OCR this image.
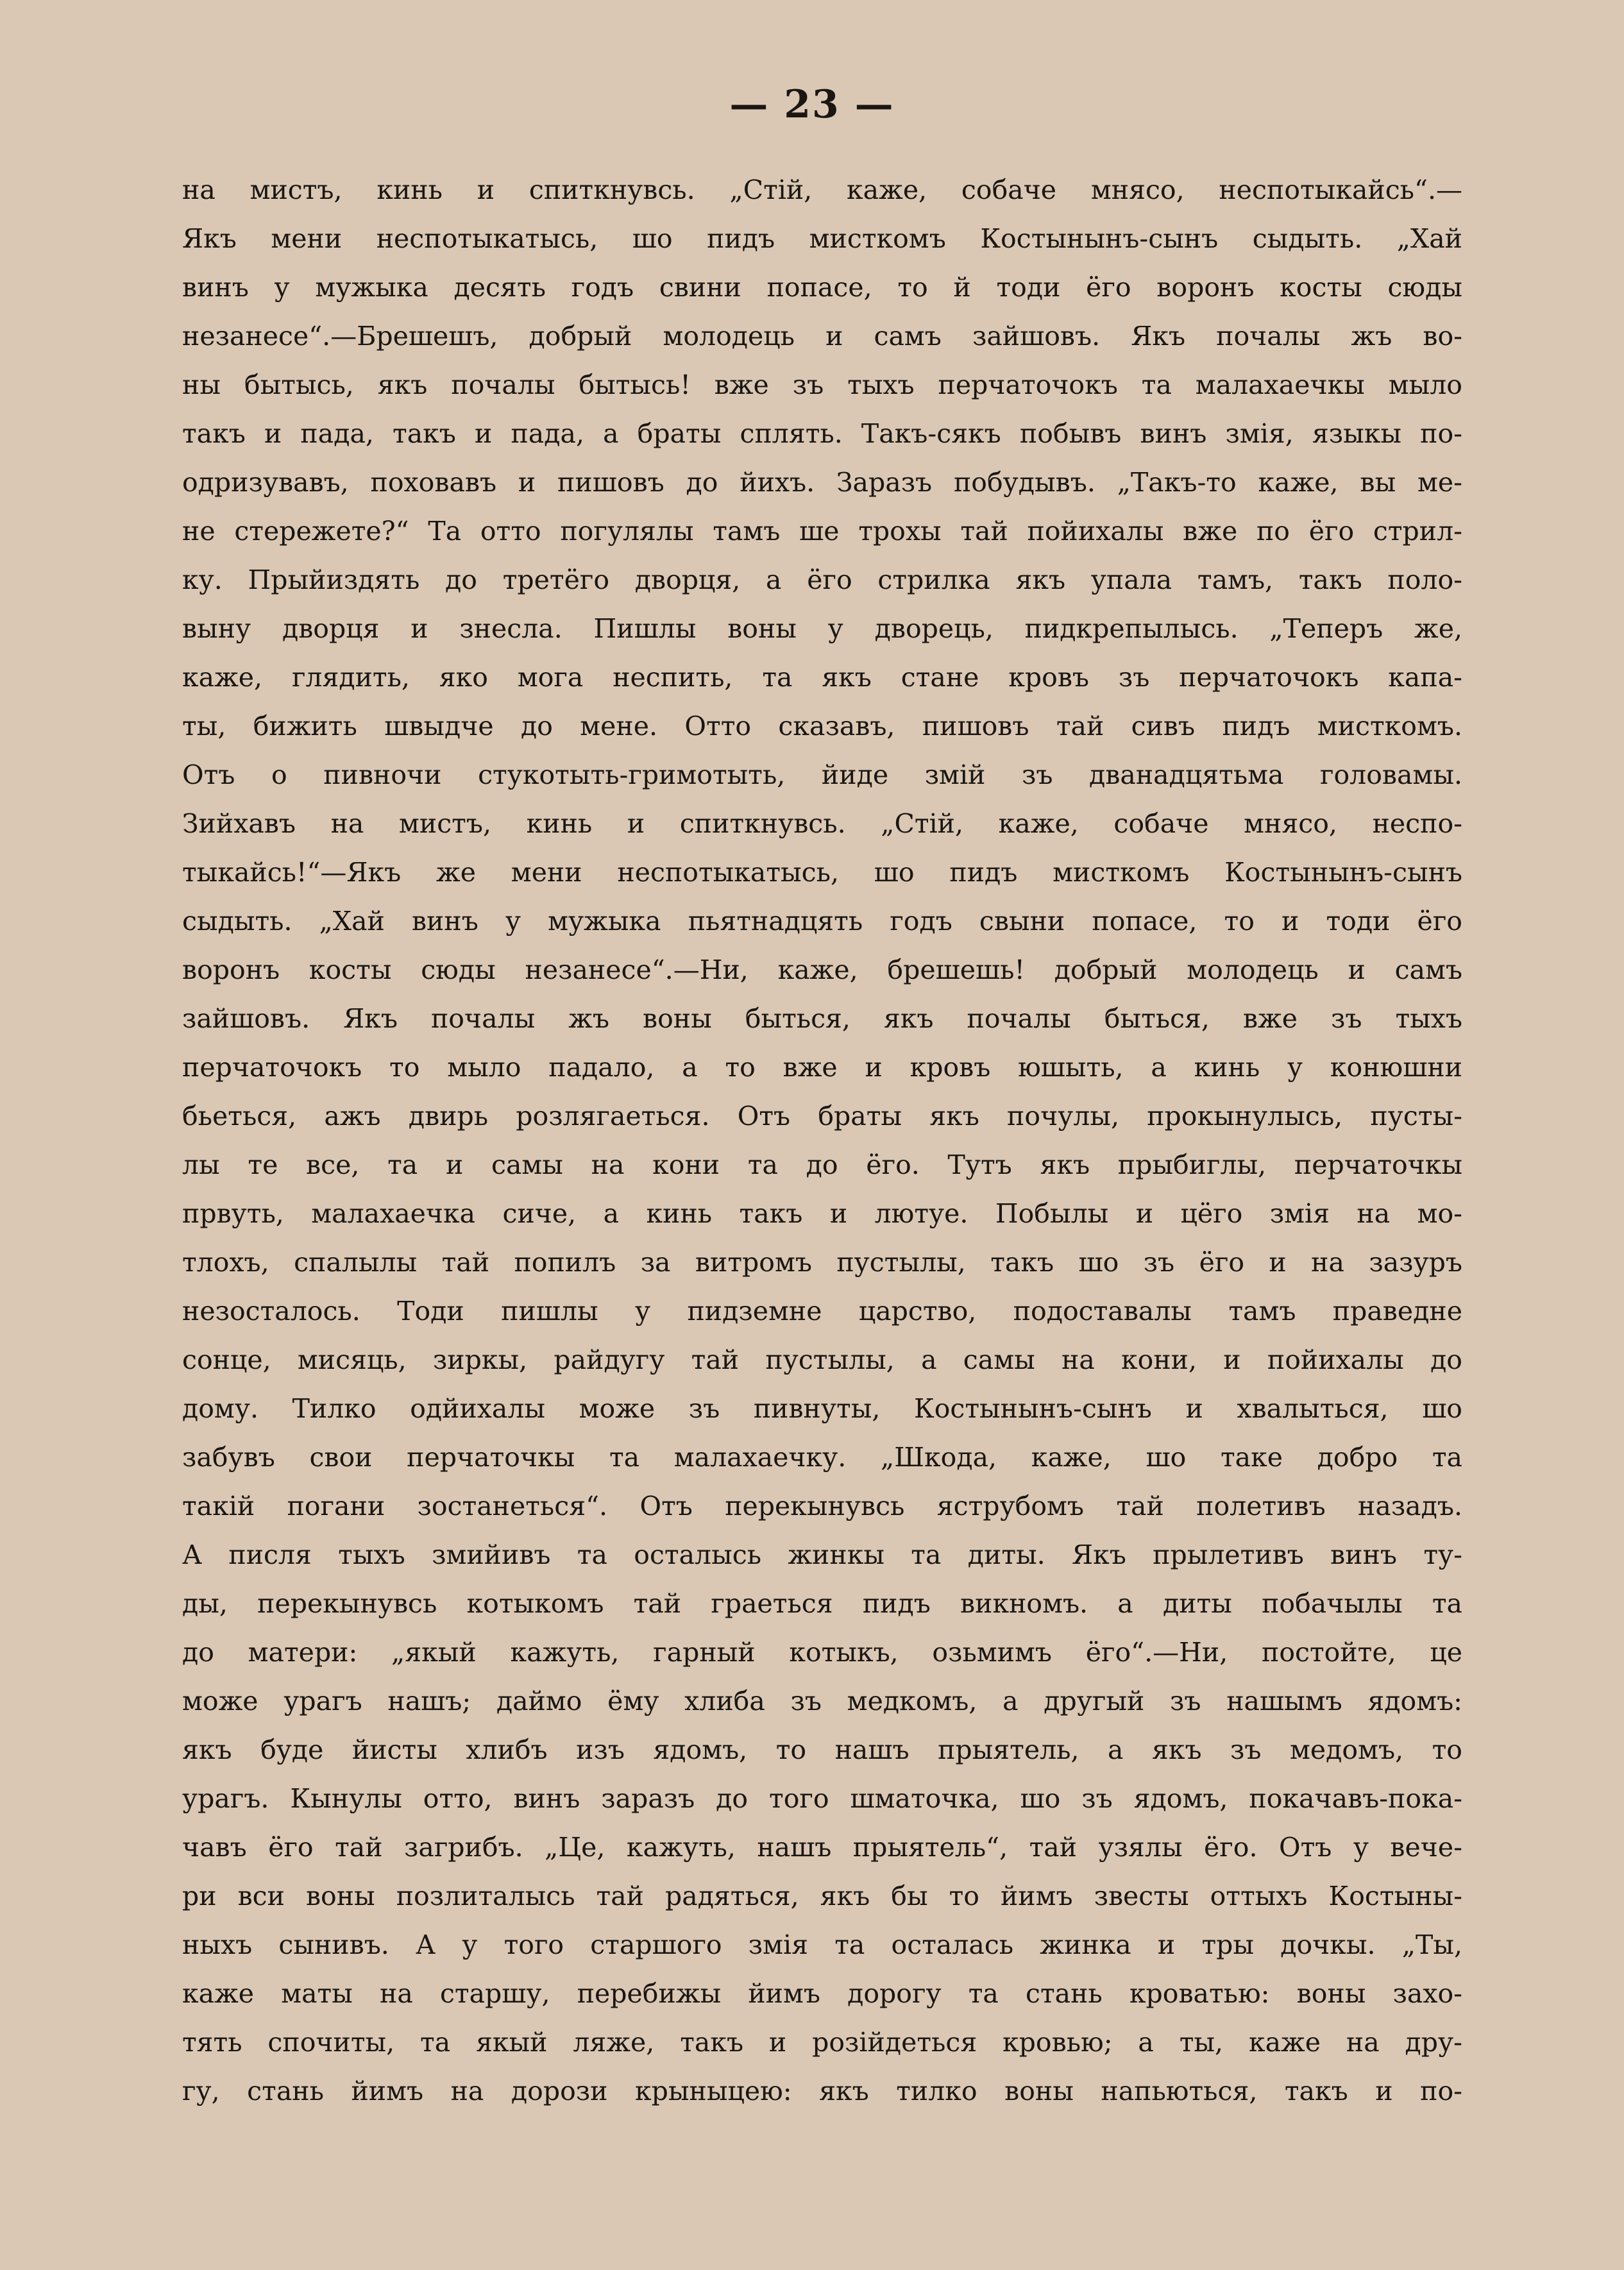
— 23 —
на мистъ, кинь и спиткнувсь. „Стій, каже, собаче мнясо, неспотыкайсь“.—
Якъ мени неспотыкатысь, шо пидъ мисткомъ Костынынъ-сынъ сыдыть. „Хай
винъ у мужыка десять годъ свини попасе, то й тоди ёго воронъ косты сюды
незанесе“.—Брешешъ, добрый молодець и самъ зайшовъ. Якъ почалы жъ во-
ны бытысь, якъ почалы бытысь! вже зъ тыхъ перчаточокъ та малахаечкы мыло
такъ и пада, такъ и пада, а браты сплять. Такъ-сякъ побывъ винъ змія, языкы по-
одризувавъ, поховавъ и пишовъ до йихъ. Заразъ побудывъ. „Такъ-то каже, вы ме-
не стережете?“ Та отто погулялы тамъ ше трохы тай пойихалы вже по ёго стрил-
ку. Прыйиздять до третёго дворця, а ёго стрилка якъ упала тамъ, такъ поло-
выну дворця и знесла. Пишлы воны у дворець, пидкрепылысь. „Теперъ же,
каже, глядить, яко мога неспить, та якъ стане кровъ зъ перчаточокъ капа-
ты, бижить швыдче до мене. Отто сказавъ, пишовъ тай сивъ пидъ мисткомъ.
Отъ о пивночи стукотыть-гримотыть, йиде змій зъ дванадцятьма головамы.
Зийхавъ на мистъ, кинь и спиткнувсь. „Стій, каже, собаче мнясо, неспо-
тыкайсь!“—Якъ же мени неспотыкатысь, шо пидъ мисткомъ Костынынъ-сынъ
сыдыть. „Хай винъ у мужыка пьятнадцять годъ свыни попасе, то и тоди ёго
воронъ косты сюды незанесе“.—Ни, каже, брешешь! добрый молодець и самъ
зайшовъ. Якъ почалы жъ воны быться, якъ почалы быться, вже зъ тыхъ
перчаточокъ то мыло падало, а то вже и кровъ юшыть, а кинь у конюшни
бьеться, ажъ двирь розлягаеться. Отъ браты якъ почулы, прокынулысь, пусты-
лы те все, та и самы на кони та до ёго. Тутъ якъ прыбиглы, перчаточкы
првуть, малахаечка сиче, а кинь такъ и лютуе. Побылы и цёго змія на мо-
тлохъ, спалылы тай попилъ за витромъ пустылы, такъ шо зъ ёго и на зазуръ
незосталось. Тоди пишлы у пидземне царство, подоставалы тамъ праведне
сонце, мисяць, зиркы, райдугу тай пустылы, а самы на кони, и пойихалы до
дому. Тилко одйихалы може зъ пивнуты, Костынынъ-сынъ и хвалыться, шо
забувъ свои перчаточкы та малахаечку. „Шкода, каже, шо таке добро та
такій погани зостанеться“. Отъ перекынувсь яструбомъ тай полетивъ назадъ.
А писля тыхъ змийивъ та осталысь жинкы та диты. Якъ прылетивъ винъ ту-
ды, перекынувсь котыкомъ тай граеться пидъ викномъ. а диты побачылы та
до матери: „якый кажуть, гарный котыкъ, озьмимъ ёго“.—Ни, постойте, це
може урагъ нашъ; даймо ёму хлиба зъ медкомъ, а другый зъ нашымъ ядомъ:
якъ буде йисты хлибъ изъ ядомъ, то нашъ прыятель, а якъ зъ медомъ, то
урагъ. Кынулы отто, винъ заразъ до того шматочка, шо зъ ядомъ, покачавъ-пока-
чавъ ёго тай загрибъ. „Це, кажуть, нашъ прыятель“, тай узялы ёго. Отъ у вече-
ри вси воны позлиталысь тай радяться, якъ бы то йимъ звесты оттыхъ Костыны-
ныхъ сынивъ. А у того старшого змія та осталась жинка и тры дочкы. „Ты,
каже маты на старшу, перебижы йимъ дорогу та стань кроватью: воны захо-
тять спочиты, та якый ляже, такъ и розійдеться кровью; а ты, каже на дру-
гу, стань йимъ на дорози крыныцею: якъ тилко воны напьються, такъ и по-
